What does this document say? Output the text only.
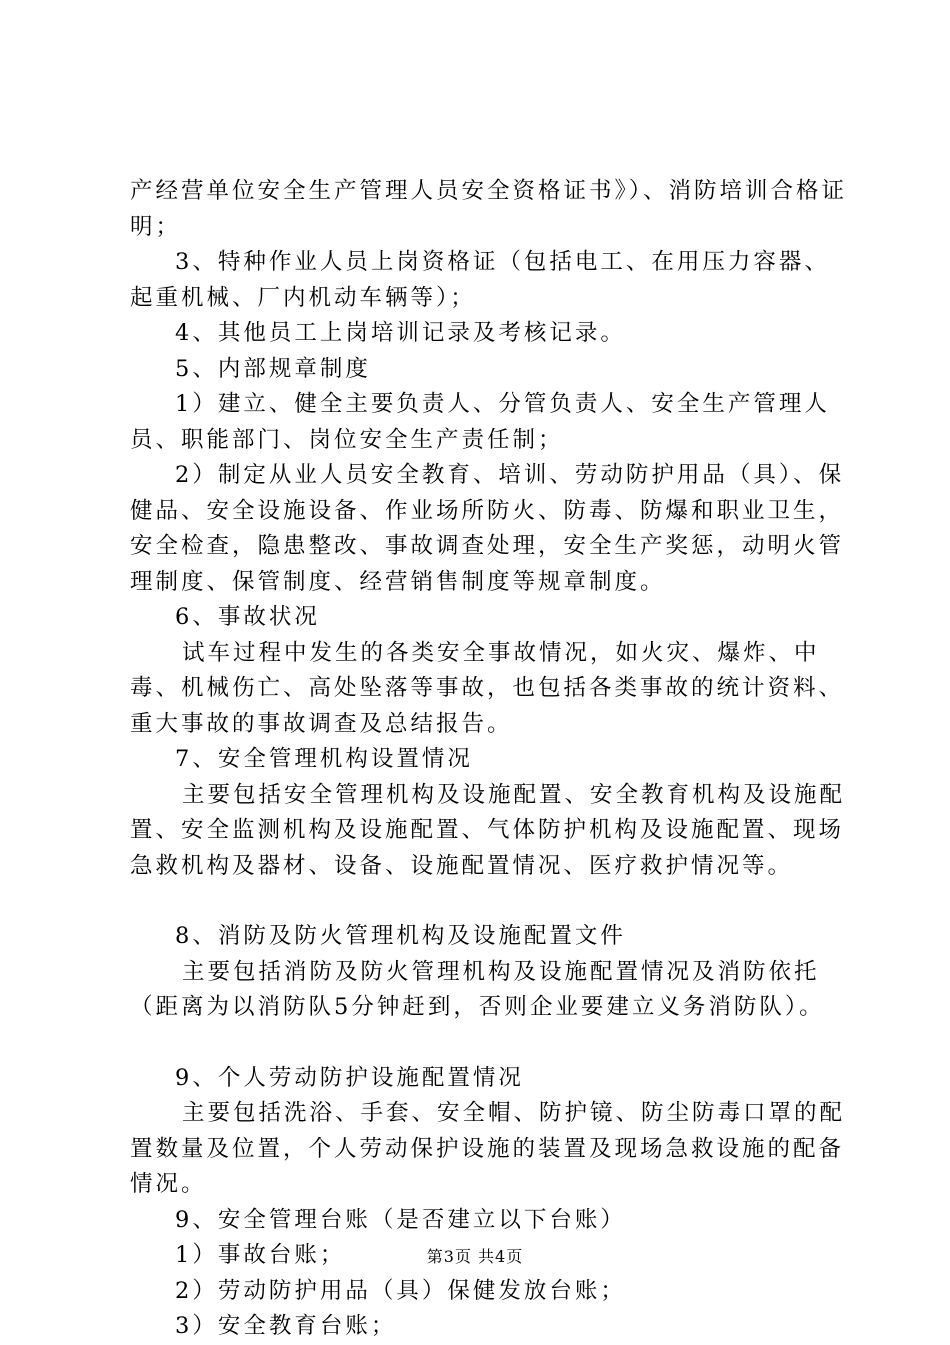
产经营单位安全生产管理人员安全资格证书》）、消防培训合格证明；

3、特种作业人员上岗资格证（包括电工、在用压力容器、起重机械、厂内机动车辆等）；

4、其他员工上岗培训记录及考核记录。

5、内部规章制度

1）建立、健全主要负责人、分管负责人、安全生产管理人员、职能部门、岗位安全生产责任制；

2）制定从业人员安全教育、培训、劳动防护用品（具）、保健品、安全设施设备、作业场所防火、防毒、防爆和职业卫生，安全检查，隐患整改、事故调查处理，安全生产奖惩，动明火管理制度、保管制度、经营销售制度等规章制度。

6、事故状况

试车过程中发生的各类安全事故情况，如火灾、爆炸、中毒、机械伤亡、高处坠落等事故，也包括各类事故的统计资料、重大事故的事故调查及总结报告。

7、安全管理机构设置情况

主要包括安全管理机构及设施配置、安全教育机构及设施配置、安全监测机构及设施配置、气体防护机构及设施配置、现场急救机构及器材、设备、设施配置情况、医疗救护情况等。

8、消防及防火管理机构及设施配置文件

主要包括消防及防火管理机构及设施配置情况及消防依托（距离为以消防队5分钟赶到，否则企业要建立义务消防队）。

9、个人劳动防护设施配置情况

主要包括洗浴、手套、安全帽、防护镜、防尘防毒口罩的配置数量及位置，个人劳动保护设施的装置及现场急救设施的配备情况。

9、安全管理台账（是否建立以下台账）

1）事故台账；

2）劳动防护用品（具）保健发放台账；

3）安全教育台账；

第3页 共4页
